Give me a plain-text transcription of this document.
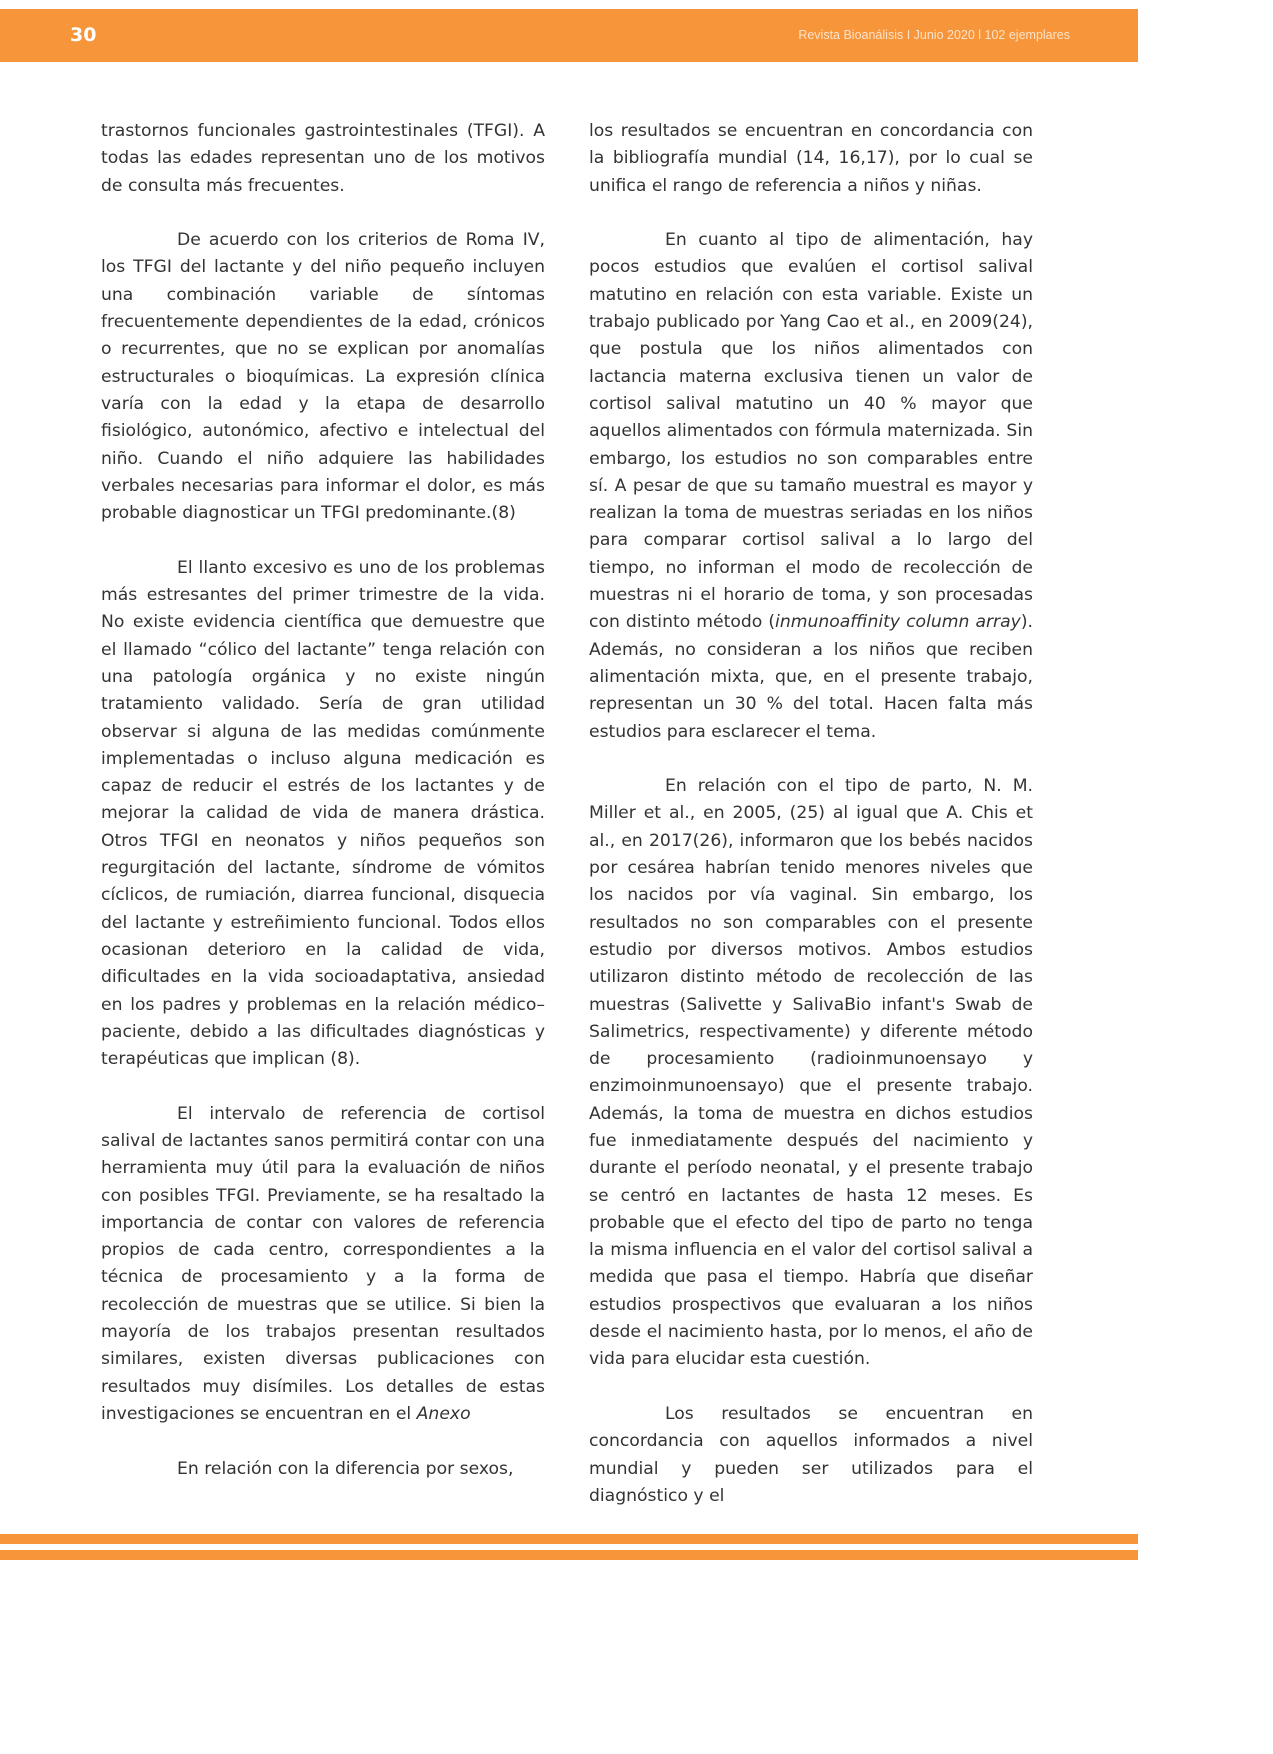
30	Revista Bioanálisis I Junio 2020 l 102 ejemplares

trastornos funcionales gastrointestinales (TFGI). A todas las edades representan uno de los motivos de consulta más frecuentes.

De acuerdo con los criterios de Roma IV, los TFGI del lactante y del niño pequeño incluyen una combinación variable de síntomas frecuentemente dependientes de la edad, crónicos o recurrentes, que no se explican por anomalías estructurales o bioquímicas. La expresión clínica varía con la edad y la etapa de desarrollo fisiológico, autonómico, afectivo e intelectual del niño. Cuando el niño adquiere las habilidades verbales necesarias para informar el dolor, es más probable diagnosticar un TFGI predominante.(8)

El llanto excesivo es uno de los problemas más estresantes del primer trimestre de la vida. No existe evidencia científica que demuestre que el llamado “cólico del lactante” tenga relación con una patología orgánica y no existe ningún tratamiento validado. Sería de gran utilidad observar si alguna de las medidas comúnmente implementadas o incluso alguna medicación es capaz de reducir el estrés de los lactantes y de mejorar la calidad de vida de manera drástica. Otros TFGI en neonatos y niños pequeños son regurgitación del lactante, síndrome de vómitos cíclicos, de rumiación, diarrea funcional, disquecia del lactante y estreñimiento funcional. Todos ellos ocasionan deterioro en la calidad de vida, dificultades en la vida socioadaptativa, ansiedad en los padres y problemas en la relación médico–paciente, debido a las dificultades diagnósticas y terapéuticas que implican (8).

El intervalo de referencia de cortisol salival de lactantes sanos permitirá contar con una herramienta muy útil para la evaluación de niños con posibles TFGI. Previamente, se ha resaltado la importancia de contar con valores de referencia propios de cada centro, correspondientes a la técnica de procesamiento y a la forma de recolección de muestras que se utilice. Si bien la mayoría de los trabajos presentan resultados similares, existen diversas publicaciones con resultados muy disímiles. Los detalles de estas investigaciones se encuentran en el Anexo

En relación con la diferencia por sexos,

los resultados se encuentran en concordancia con la bibliografía mundial (14, 16,17), por lo cual se unifica el rango de referencia a niños y niñas.

En cuanto al tipo de alimentación, hay pocos estudios que evalúen el cortisol salival matutino en relación con esta variable. Existe un trabajo publicado por Yang Cao et al., en 2009(24), que postula que los niños alimentados con lactancia materna exclusiva tienen un valor de cortisol salival matutino un 40 % mayor que aquellos alimentados con fórmula maternizada. Sin embargo, los estudios no son comparables entre sí. A pesar de que su tamaño muestral es mayor y realizan la toma de muestras seriadas en los niños para comparar cortisol salival a lo largo del tiempo, no informan el modo de recolección de muestras ni el horario de toma, y son procesadas con distinto método (inmunoaffinity column array). Además, no consideran a los niños que reciben alimentación mixta, que, en el presente trabajo, representan un 30 % del total. Hacen falta más estudios para esclarecer el tema.

En relación con el tipo de parto, N. M. Miller et al., en 2005, (25) al igual que A. Chis et al., en 2017(26), informaron que los bebés nacidos por cesárea habrían tenido menores niveles que los nacidos por vía vaginal. Sin embargo, los resultados no son comparables con el presente estudio por diversos motivos. Ambos estudios utilizaron distinto método de recolección de las muestras (Salivette y SalivaBio infant's Swab de Salimetrics, respectivamente) y diferente método de procesamiento (radioinmunoensayo y enzimoinmunoensayo) que el presente trabajo. Además, la toma de muestra en dichos estudios fue inmediatamente después del nacimiento y durante el período neonatal, y el presente trabajo se centró en lactantes de hasta 12 meses. Es probable que el efecto del tipo de parto no tenga la misma influencia en el valor del cortisol salival a medida que pasa el tiempo. Habría que diseñar estudios prospectivos que evaluaran a los niños desde el nacimiento hasta, por lo menos, el año de vida para elucidar esta cuestión.

Los resultados se encuentran en concordancia con aquellos informados a nivel mundial y pueden ser utilizados para el diagnóstico y el
